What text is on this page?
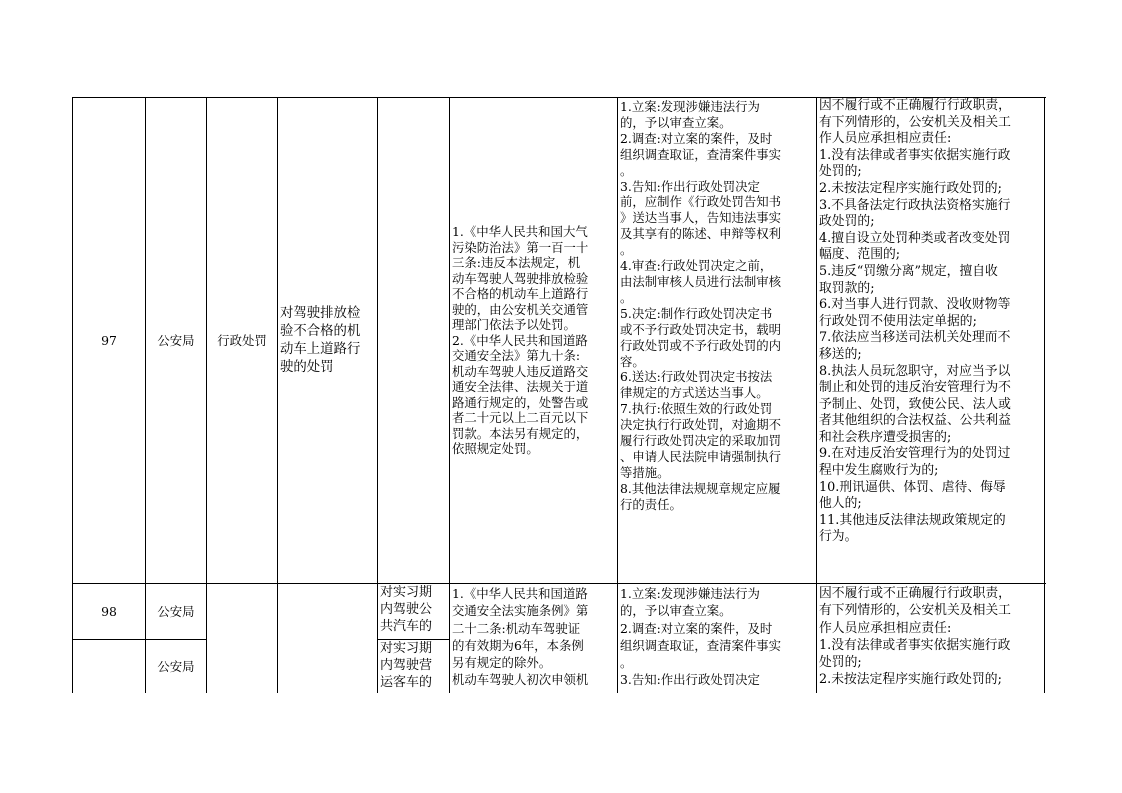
97	公安局 行政处罚
对驾驶排放检
验不合格的机
动车上道路行
驶的处罚
1.《中华人民共和国大气
污染防治法》第一百一十
三条:违反本法规定，机
动车驾驶人驾驶排放检验
不合格的机动车上道路行
驶的，由公安机关交通管
理部门依法予以处罚。
2.《中华人民共和国道路
交通安全法》第九十条:
机动车驾驶人违反道路交
通安全法律、法规关于道
路通行规定的，处警告或
者二十元以上二百元以下
罚款。本法另有规定的，
依照规定处罚。
1.立案:发现涉嫌违法行为
的，予以审查立案。
2.调查:对立案的案件，及时
组织调查取证，查清案件事实
。
3.告知:作出行政处罚决定
前，应制作《行政处罚告知书
》送达当事人，告知违法事实
及其享有的陈述、申辩等权利
。
4.审查:行政处罚决定之前，
由法制审核人员进行法制审核
。
5.决定:制作行政处罚决定书
或不予行政处罚决定书，载明
行政处罚或不予行政处罚的内
容。
6.送达:行政处罚决定书按法
律规定的方式送达当事人。
7.执行:依照生效的行政处罚
决定执行行政处罚，对逾期不
履行行政处罚决定的采取加罚
、申请人民法院申请强制执行
等措施。
8.其他法律法规规章规定应履
行的责任。
因不履行或不正确履行行政职责，
有下列情形的，公安机关及相关工
作人员应承担相应责任:
1.没有法律或者事实依据实施行政
处罚的;
2.未按法定程序实施行政处罚的;
3.不具备法定行政执法资格实施行
政处罚的;
4.擅自设立处罚种类或者改变处罚
幅度、范围的;
5.违反“罚缴分离”规定，擅自收
取罚款的;
6.对当事人进行罚款、没收财物等
行政处罚不使用法定单据的;
7.依法应当移送司法机关处理而不
移送的;
8.执法人员玩忽职守，对应当予以
制止和处罚的违反治安管理行为不
予制止、处罚，致使公民、法人或
者其他组织的合法权益、公共利益
和社会秩序遭受损害的;
9.在对违反治安管理行为的处罚过
程中发生腐败行为的;
10.刑讯逼供、体罚、虐待、侮辱
他人的;
11.其他违反法律法规政策规定的
行为。
98	公安局
公安局
对实习期
内驾驶公
共汽车的
对实习期
内驾驶营
运客车的
1.《中华人民共和国道路
交通安全法实施条例》第
二十二条:机动车驾驶证
的有效期为6年，本条例
另有规定的除外。
机动车驾驶人初次申领机
1.立案:发现涉嫌违法行为
的，予以审查立案。
2.调查:对立案的案件，及时
组织调查取证，查清案件事实
。
3.告知:作出行政处罚决定
因不履行或不正确履行行政职责，
有下列情形的，公安机关及相关工
作人员应承担相应责任:
1.没有法律或者事实依据实施行政
处罚的;
2.未按法定程序实施行政处罚的;
